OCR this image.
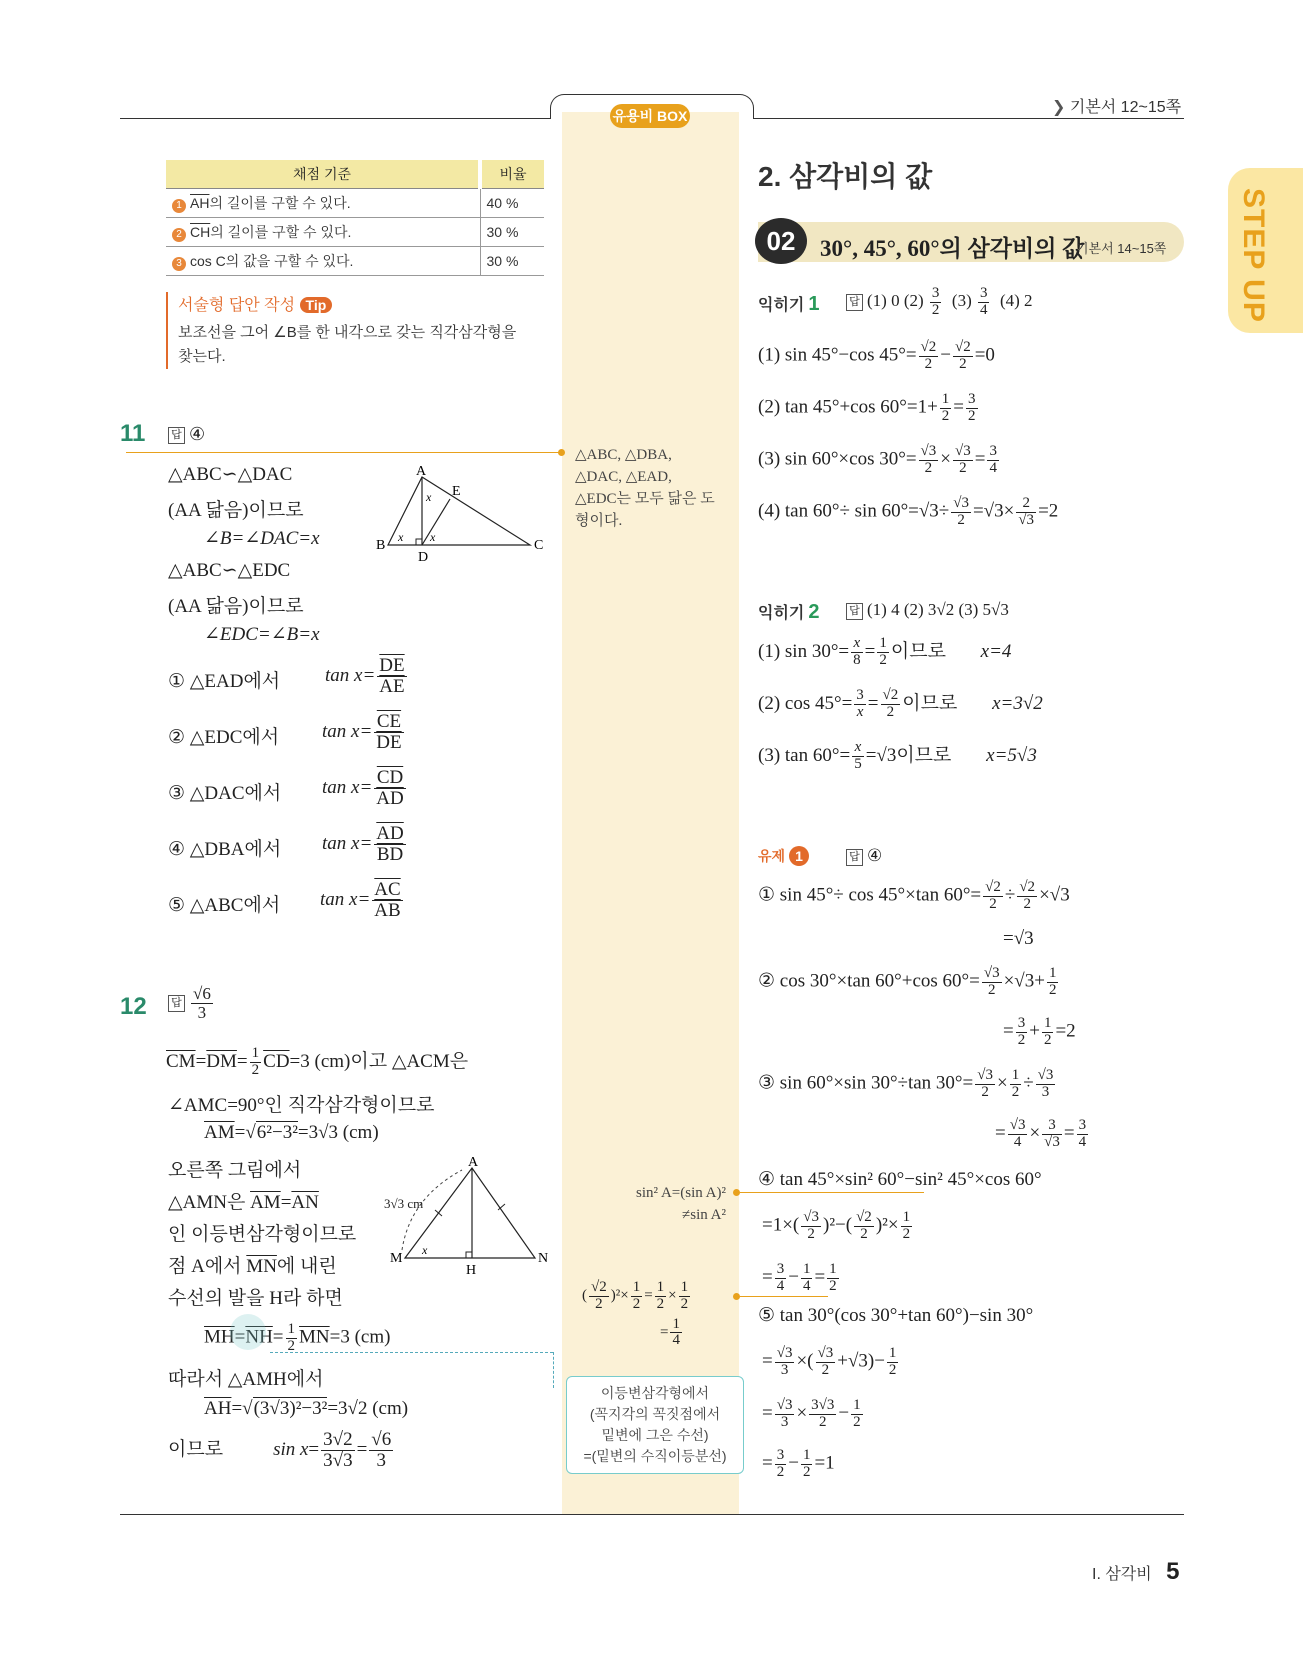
유용비 BOX	❯ 기본서 12~15쪽
STEP UP
채점 기준	비율
1 $\overline{AH}$의 길이를 구할 수 있다.	40 %
2 $\overline{CH}$의 길이를 구할 수 있다.	30 %
3 cos C의 값을 구할 수 있다.	30 %
서술형 답안 작성 Tip
보조선을 그어 ∠B를 한 내각으로 갖는 직각삼각형을
찾는다.
11 답 ④
△ABC∽△DAC
(AA 닮음)이므로
∠B=∠DAC=x
△ABC∽△EDC
(AA 닮음)이므로
∠EDC=∠B=x
A
B	C
D
E
x
x x
① △EAD에서 $\tan x= \frac{\overline{DE}}{AE}$
② △EDC에서 $\tan x= \frac{\overline{CE}}{DE}$
③ △DAC에서 $\tan x= \frac{\overline{CD}}{AD}$
④ △DBA에서 $\tan x= \frac{\overline{AD}}{BD}$
⑤ △ABC에서 $\tan x= \frac{\overline{AC}}{AB}$
△ABC, △DBA,
△DAC, △EAD,
△EDC는 모두 닮은 도
형이다.
12 답 $\frac{√6}{3}$
$\overline{CM}=\overline{DM}= \frac{1}{2} \overline{CD}=3$ (cm)이고 △ACM은
∠AMC=90°인 직각삼각형이므로
$\overline{AM}=√6^2-3^2=3√3$ (cm)
오른쪽 그림에서
△AMN은 $\overline{AM}=\overline{AN}$
인 이등변삼각형이므로
점 A에서 $\overline{MN}$에 내린
수선의 발을 H라 하면
A
M	N
H
x
3√3 cm
$\overline{MH}=\overline{NH}= \frac{1}{2} \overline{MN}=3$ (cm)
따라서 △AMH에서
$\overline{AH}=√(3√3)^2-3^2=3√2$ (cm)
이므로	$\sin x= \frac{3√2}{3√3} = \frac{√6}{3}$
sin² A=(sin A)²
≠sin A²
( $\frac{√2}{2} )^2\times \frac{1}{2} = \frac{1}{2} \times \frac{1}{2}$
= $\frac{1}{4}$
이등변삼각형에서
(꼭지각의 꼭짓점에서
밑변에 그은 수선)
=(밑변의 수직이등분선)
2. 삼각비의 값
02	30°, 45°, 60°의 삼각비의 값
기본서 14~15쪽
익히기 1	답 (1) 0 $(2) \frac{3}{2} (3) \frac{3}{4} (4)$ 2
(1) sin 45°−cos $45^\circ= \frac{√2}{2} - \frac{√2}{2} =0$
(2) tan 45°+cos $60^\circ=1+ \frac{1}{2} = \frac{3}{2}$
(3) sin 60°×cos $30^\circ= \frac{√3}{2} \times \frac{√3}{2} = \frac{3}{4}$
(4) $\tan 60^\circ\div \sin 60^\circ=√3\div \frac{√3}{2} =√3\times \frac{2}{√3} =2$
익히기 2	답 (1) 4 (2) 3√2 (3) 5√3
(1) $\sin 30^\circ= \frac{x}{8} = \frac{1}{2}$ 이므로 x=4
(2) $\cos 45^\circ= \frac{3}{x} = \frac{√2}{2}$ 이므로 x=3√2
(3) $\tan 60^\circ= \frac{x}{5} =√3$이므로 x=5√3
유제 1	답 ④
① sin 45°÷ cos 45°×tan $60^\circ= \frac{√2}{2} \div \frac{√2}{2} \times√3$
=√3
② cos 30°×tan 60°+cos $60^\circ= \frac{√3}{2} \times√3+ \frac{1}{2}$
= $\frac{3}{2} + \frac{1}{2} =2$
③ sin 60°×sin 30°÷tan $30^\circ= \frac{√3}{2} \times \frac{1}{2} \div \frac{√3}{3}$
= $\frac{√3}{4} \times \frac{3}{√3} = \frac{3}{4}$
④ tan 45°×sin² 60°−sin² 45°×cos 60°
$=1\times( \frac{√3}{2} )^2-( \frac{√2}{2} )^2\times \frac{1}{2}$
= $\frac{3}{4} - \frac{1}{4} = \frac{1}{2}$
⑤ tan 30°(cos 30°+tan 60°)−sin 30°
= $\frac{√3}{3}$ ×( $\frac{√3}{2} +√3)- \frac{1}{2}$
= $\frac{√3}{3} \times \frac{3√3}{2} - \frac{1}{2}$
= $\frac{3}{2} - \frac{1}{2} =1$
I. 삼각비 5
